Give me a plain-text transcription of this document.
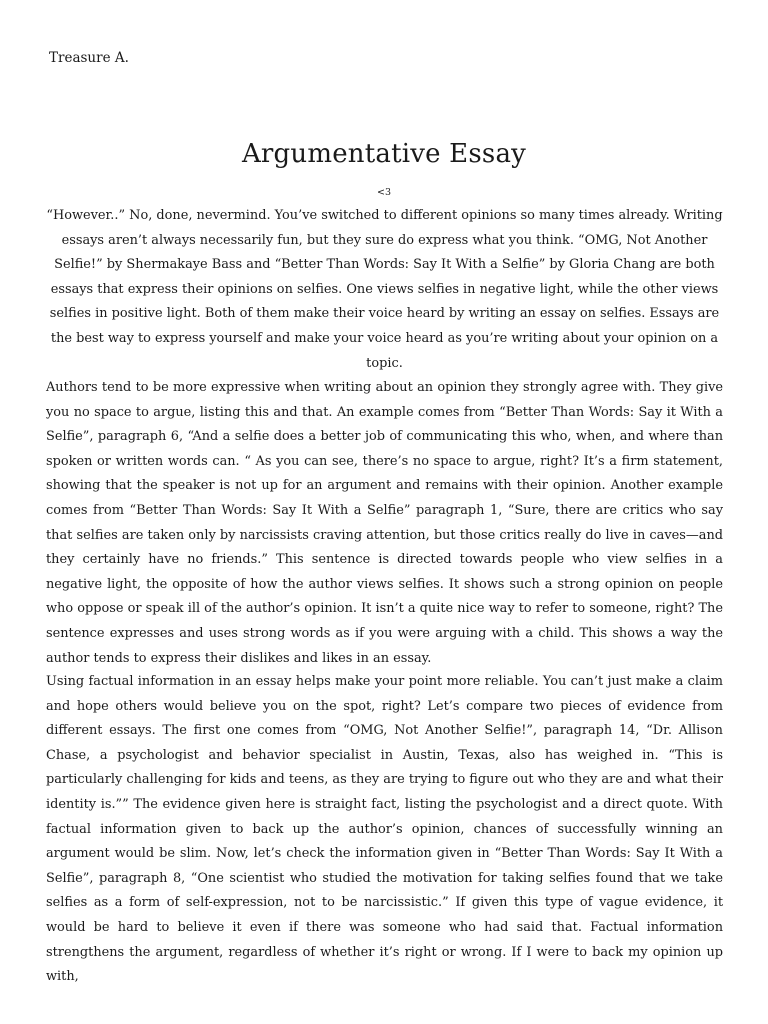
Treasure A.
Argumentative Essay
<3

“However..” No, done, nevermind. You’ve switched to different opinions so many times already. Writing essays aren’t always necessarily fun, but they sure do express what you think. “OMG, Not Another Selfie!” by Shermakaye Bass and “Better Than Words: Say It With a Selfie” by Gloria Chang are both essays that express their opinions on selfies. One views selfies in negative light, while the other views selfies in positive light. Both of them make their voice heard by writing an essay on selfies. Essays are the best way to express yourself and make your voice heard as you’re writing about your opinion on a topic.

Authors tend to be more expressive when writing about an opinion they strongly agree with. They give you no space to argue, listing this and that. An example comes from “Better Than Words: Say it With a Selfie”, paragraph 6, “And a selfie does a better job of communicating this who, when, and where than spoken or written words can. “ As you can see, there’s no space to argue, right? It’s a firm statement, showing that the speaker is not up for an argument and remains with their opinion. Another example comes from “Better Than Words: Say It With a Selfie” paragraph 1, “Sure, there are critics who say that selfies are taken only by narcissists craving attention, but those critics really do live in caves—and they certainly have no friends.” This sentence is directed towards people who view selfies in a negative light, the opposite of how the author views selfies. It shows such a strong opinion on people who oppose or speak ill of the author’s opinion. It isn’t a quite nice way to refer to someone, right? The sentence expresses and uses strong words as if you were arguing with a child. This shows a way the author tends to express their dislikes and likes in an essay.

Using factual information in an essay helps make your point more reliable. You can’t just make a claim and hope others would believe you on the spot, right? Let’s compare two pieces of evidence from different essays. The first one comes from “OMG, Not Another Selfie!”, paragraph 14, “Dr. Allison Chase, a psychologist and behavior specialist in Austin, Texas, also has weighed in. “This is particularly challenging for kids and teens, as they are trying to figure out who they are and what their identity is.”” The evidence given here is straight fact, listing the psychologist and a direct quote. With factual information given to back up the author’s opinion, chances of successfully winning an argument would be slim. Now, let’s check the information given in “Better Than Words: Say It With a Selfie”, paragraph 8, “One scientist who studied the motivation for taking selfies found that we take selfies as a form of self-expression, not to be narcissistic.” If given this type of vague evidence, it would be hard to believe it even if there was someone who had said that. Factual information strengthens the argument, regardless of whether it’s right or wrong. If I were to back my opinion up with,
